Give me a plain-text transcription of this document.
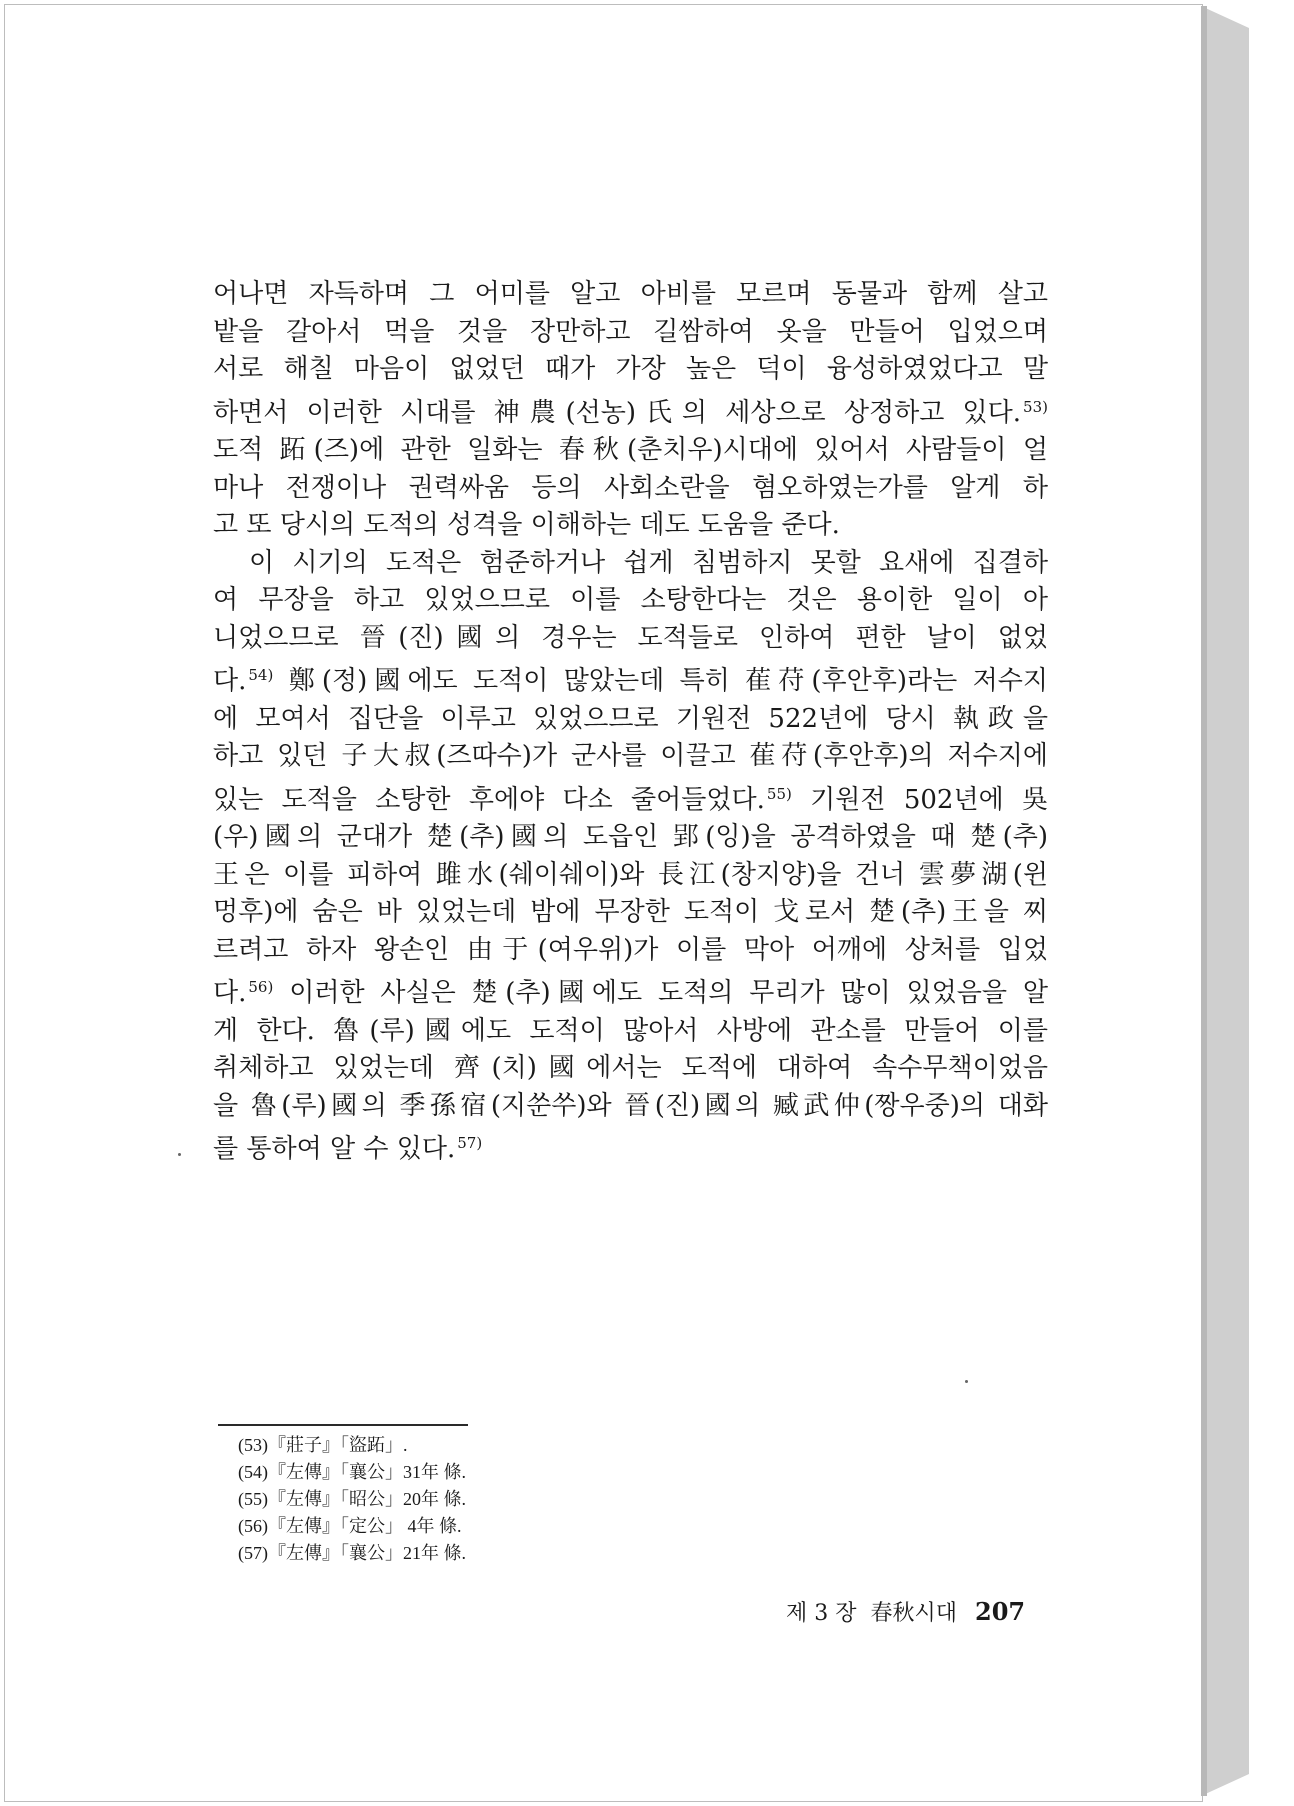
어나면 자득하며 그 어미를 알고 아비를 모르며 동물과 함께 살고
밭을 갈아서 먹을 것을 장만하고 길쌈하여 옷을 만들어 입었으며
서로 해칠 마음이 없었던 때가 가장 높은 덕이 융성하였었다고 말
하면서 이러한 시대를 神農(선농)氏의 세상으로 상정하고 있다. $^{53)}$
도적 跖(즈)에 관한 일화는 春秋(춘치우)시대에 있어서 사람들이 얼
마나 전쟁이나 권력싸움 등의 사회소란을 혐오하였는가를 알게 하
고 또 당시의 도적의 성격을 이해하는 데도 도움을 준다.
　이 시기의 도적은 험준하거나 쉽게 침범하지 못할 요새에 집결하
여 무장을 하고 있었으므로 이를 소탕한다는 것은 용이한 일이 아
니었으므로 晉(진)國의 경우는 도적들로 인하여 편한 날이 없었
다. $^{54)}$ 鄭(정)國에도 도적이 많았는데 특히 萑苻(후안후)라는 저수지
에 모여서 집단을 이루고 있었으므로 기원전 522년에 당시 執政을
하고 있던 子大叔(즈따수)가 군사를 이끌고 萑苻(후안후)의 저수지에
있는 도적을 소탕한 후에야 다소 줄어들었다. $^{55)}$ 기원전 502년에 吳
(우)國의 군대가 楚(추)國의 도읍인 郢(잉)을 공격하였을 때 楚(추)
王은 이를 피하여 雎水(쉐이쉐이)와 長江(창지양)을 건너 雲夢湖(윈
멍후)에 숨은 바 있었는데 밤에 무장한 도적이 戈로서 楚(추)王을 찌
르려고 하자 왕손인 由于(여우위)가 이를 막아 어깨에 상처를 입었
다. $^{56)}$ 이러한 사실은 楚(추)國에도 도적의 무리가 많이 있었음을 알
게 한다. 魯(루)國에도 도적이 많아서 사방에 관소를 만들어 이를
취체하고 있었는데 齊(치)國에서는 도적에 대하여 속수무책이었음
을 魯(루)國의 季孫宿(지쑨쑤)와 晉(진)國의 臧武仲(짱우중)의 대화
를 통하여 알 수 있다. $^{57)}$
(53)『莊子』「盜跖」.
(54)『左傳』「襄公」31年 條.
(55)『左傳』「昭公」20年 條.
(56)『左傳』「定公」 4年 條.
(57)『左傳』「襄公」21年 條.
제 3 장 春秋시대 207
